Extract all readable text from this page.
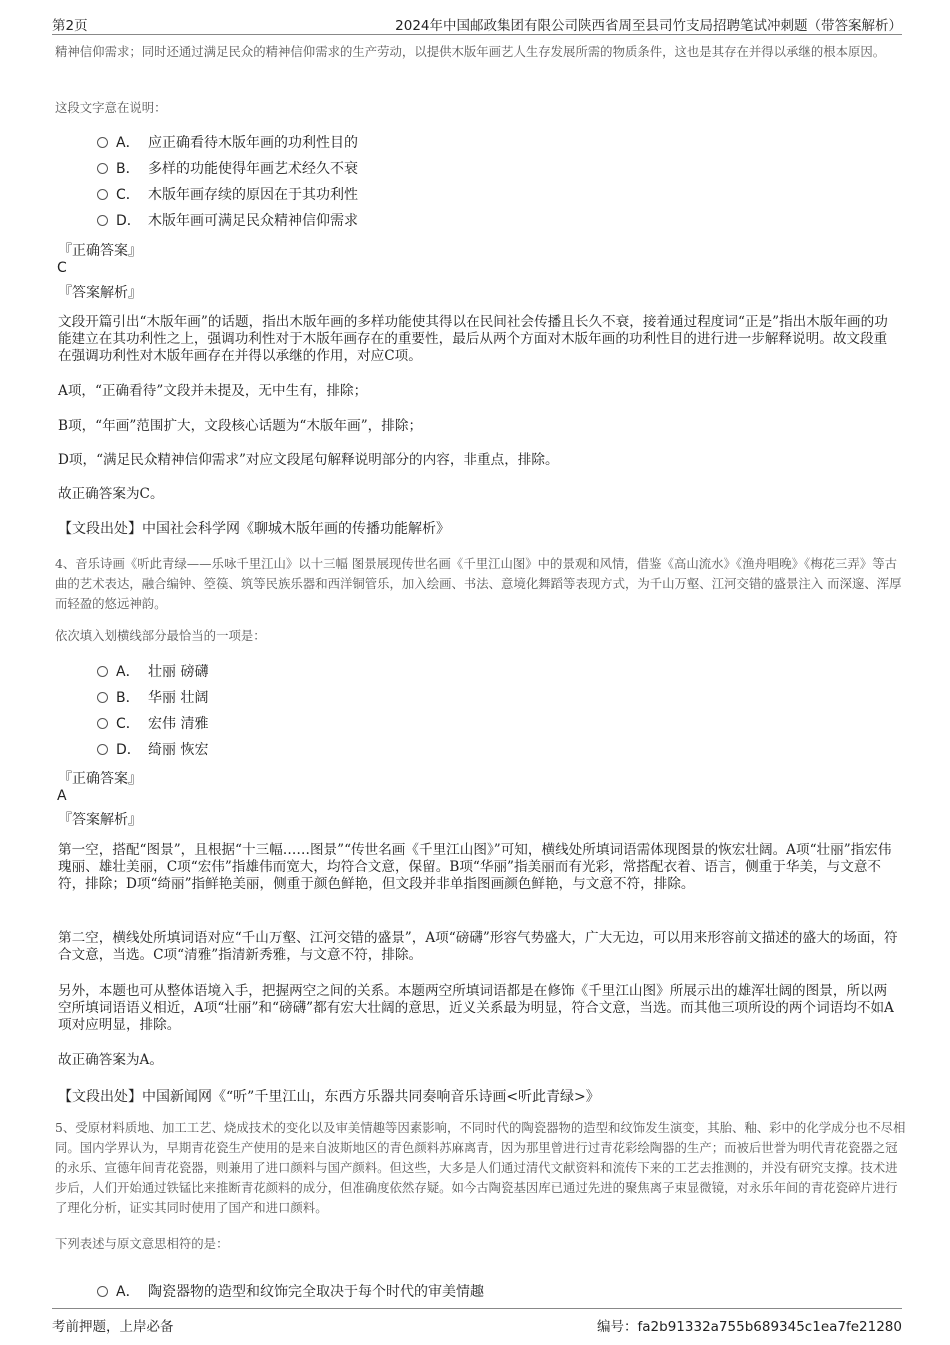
第2页	2024年中国邮政集团有限公司陕西省周至县司竹支局招聘笔试冲刺题（带答案解析）
精神信仰需求；同时还通过满足民众的精神信仰需求的生产劳动，以提供木版年画艺人生存发展所需的物质条件，这也是其存在并得以承继的根本原因。
这段文字意在说明：
A． 应正确看待木版年画的功利性目的
B． 多样的功能使得年画艺术经久不衰
C． 木版年画存续的原因在于其功利性
D． 木版年画可满足民众精神信仰需求
『正确答案』
C
『答案解析』
文段开篇引出“木版年画”的话题，指出木版年画的多样功能使其得以在民间社会传播且长久不衰，接着通过程度词“正是”指出木版年画的功能建立在其功利性之上，强调功利性对于木版年画存在的重要性，最后从两个方面对木版年画的功利性目的进行进一步解释说明。故文段重在强调功利性对木版年画存在并得以承继的作用，对应C项。
A项，“正确看待”文段并未提及，无中生有，排除；
B项，“年画”范围扩大，文段核心话题为“木版年画”，排除；
D项，“满足民众精神信仰需求”对应文段尾句解释说明部分的内容，非重点，排除。
故正确答案为C。
【文段出处】中国社会科学网《聊城木版年画的传播功能解析》
4、音乐诗画《听此青绿——乐咏千里江山》以十三幅 图景展现传世名画《千里江山图》中的景观和风情，借鉴《高山流水》《渔舟唱晚》《梅花三弄》等古曲的艺术表达，融合编钟、箜篌、筑等民族乐器和西洋铜管乐，加入绘画、书法、意境化舞蹈等表现方式，为千山万壑、江河交错的盛景注入 而深邃、浑厚而轻盈的悠远神韵。
依次填入划横线部分最恰当的一项是：
A． 壮丽 磅礴
B． 华丽 壮阔
C． 宏伟 清雅
D． 绮丽 恢宏
『正确答案』
A
『答案解析』
第一空，搭配“图景”，且根据“十三幅……图景”“传世名画《千里江山图》”可知，横线处所填词语需体现图景的恢宏壮阔。A项“壮丽”指宏伟瑰丽、雄壮美丽，C项“宏伟”指雄伟而宽大，均符合文意，保留。B项“华丽”指美丽而有光彩，常搭配衣着、语言，侧重于华美，与文意不符，排除；D项“绮丽”指鲜艳美丽，侧重于颜色鲜艳，但文段并非单指图画颜色鲜艳，与文意不符，排除。
第二空，横线处所填词语对应“千山万壑、江河交错的盛景”，A项“磅礴”形容气势盛大，广大无边，可以用来形容前文描述的盛大的场面，符合文意，当选。C项“清雅”指清新秀雅，与文意不符，排除。
另外，本题也可从整体语境入手，把握两空之间的关系。本题两空所填词语都是在修饰《千里江山图》所展示出的雄浑壮阔的图景，所以两空所填词语语义相近，A项“壮丽”和“磅礴”都有宏大壮阔的意思，近义关系最为明显，符合文意，当选。而其他三项所设的两个词语均不如A项对应明显，排除。
故正确答案为A。
【文段出处】中国新闻网《“听”千里江山，东西方乐器共同奏响音乐诗画<听此青绿>》
5、受原材料质地、加工工艺、烧成技术的变化以及审美情趣等因素影响，不同时代的陶瓷器物的造型和纹饰发生演变，其胎、釉、彩中的化学成分也不尽相同。国内学界认为，早期青花瓷生产使用的是来自波斯地区的青色颜料苏麻离青，因为那里曾进行过青花彩绘陶器的生产；而被后世誉为明代青花瓷器之冠的永乐、宣德年间青花瓷器，则兼用了进口颜料与国产颜料。但这些，大多是人们通过清代文献资料和流传下来的工艺去推测的，并没有研究支撑。技术进步后，人们开始通过铁锰比来推断青花颜料的成分，但准确度依然存疑。如今古陶瓷基因库已通过先进的聚焦离子束显微镜，对永乐年间的青花瓷碎片进行了理化分析，证实其同时使用了国产和进口颜料。
下列表述与原文意思相符的是：
A． 陶瓷器物的造型和纹饰完全取决于每个时代的审美情趣
考前押题，上岸必备	编号：fa2b91332a755b689345c1ea7fe21280
